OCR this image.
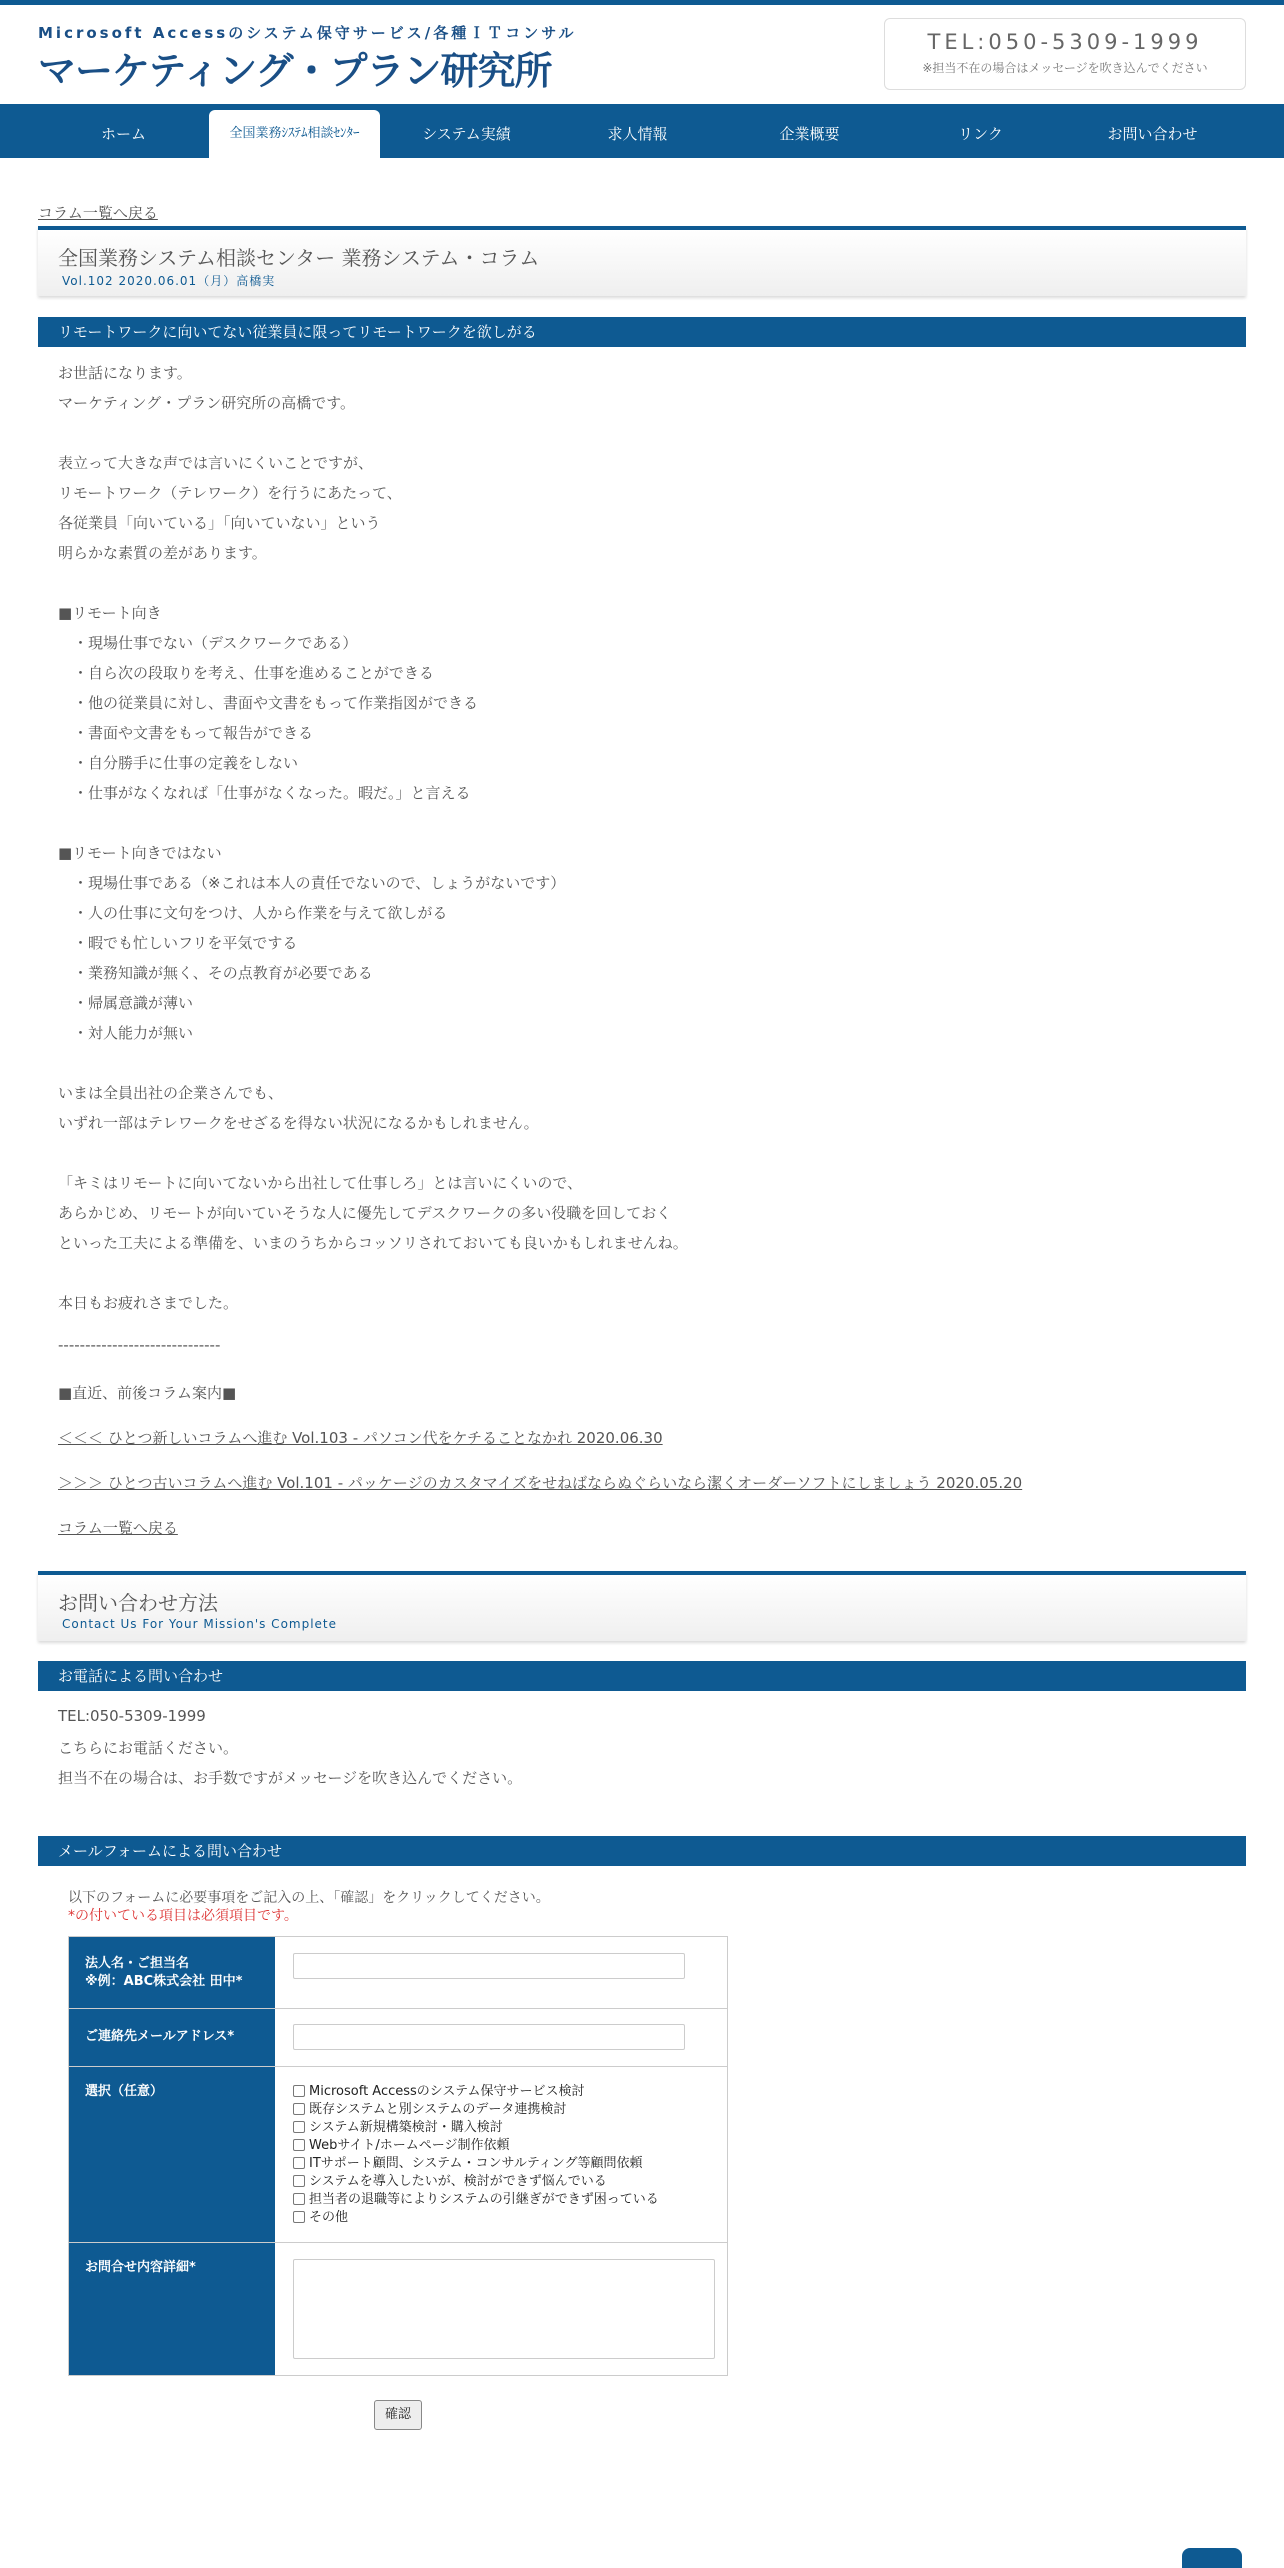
Microsoft Accessのシステム保守サービス/各種ＩＴコンサル
マーケティング・プラン研究所
TEL:050-5309-1999
※担当不在の場合はメッセージを吹き込んでください
ホーム	全国業務ｼｽﾃﾑ相談ｾﾝﾀｰ	システム実績	求人情報	企業概要	リンク	お問い合わせ
コラム一覧へ戻る
全国業務システム相談センター 業務システム・コラム
Vol.102 2020.06.01（月）高橋実
リモートワークに向いてない従業員に限ってリモートワークを欲しがる
お世話になります。
マーケティング・プラン研究所の高橋です。
表立って大きな声では言いにくいことですが、
リモートワーク（テレワーク）を行うにあたって、
各従業員「向いている」「向いていない」という
明らかな素質の差があります。
■リモート向き
　・現場仕事でない（デスクワークである）
　・自ら次の段取りを考え、仕事を進めることができる
　・他の従業員に対し、書面や文書をもって作業指図ができる
　・書面や文書をもって報告ができる
　・自分勝手に仕事の定義をしない
　・仕事がなくなれば「仕事がなくなった。暇だ。」と言える
■リモート向きではない
　・現場仕事である（※これは本人の責任でないので、しょうがないです）
　・人の仕事に文句をつけ、人から作業を与えて欲しがる
　・暇でも忙しいフリを平気でする
　・業務知識が無く、その点教育が必要である
　・帰属意識が薄い
　・対人能力が無い
いまは全員出社の企業さんでも、
いずれ一部はテレワークをせざるを得ない状況になるかもしれません。
「キミはリモートに向いてないから出社して仕事しろ」とは言いにくいので、
あらかじめ、リモートが向いていそうな人に優先してデスクワークの多い役職を回しておく
といった工夫による準備を、いまのうちからコッソリされておいても良いかもしれませんね。
本日もお疲れさまでした。
------------------------------
■直近、前後コラム案内■
＜＜＜ ひとつ新しいコラムへ進む Vol.103 - パソコン代をケチることなかれ 2020.06.30
＞＞＞ ひとつ古いコラムへ進む Vol.101 - パッケージのカスタマイズをせねばならぬぐらいなら潔くオーダーソフトにしましょう 2020.05.20
コラム一覧へ戻る
お問い合わせ方法
Contact Us For Your Mission's Complete
お電話による問い合わせ
TEL:050-5309-1999
こちらにお電話ください。
担当不在の場合は、お手数ですがメッセージを吹き込んでください。
メールフォームによる問い合わせ
以下のフォームに必要事項をご記入の上、「確認」をクリックしてください。
*の付いている項目は必須項目です。
法人名・ご担当名
※例：ABC株式会社 田中*
ご連絡先メールアドレス*
選択（任意）	Microsoft Accessのシステム保守サービス検討
既存システムと別システムのデータ連携検討
システム新規構築検討・購入検討
Webサイト/ホームページ制作依頼
ITサポート顧問、システム・コンサルティング等顧問依頼
システムを導入したいが、検討ができず悩んでいる
担当者の退職等によりシステムの引継ぎができず困っている
その他
お問合せ内容詳細*
確認
